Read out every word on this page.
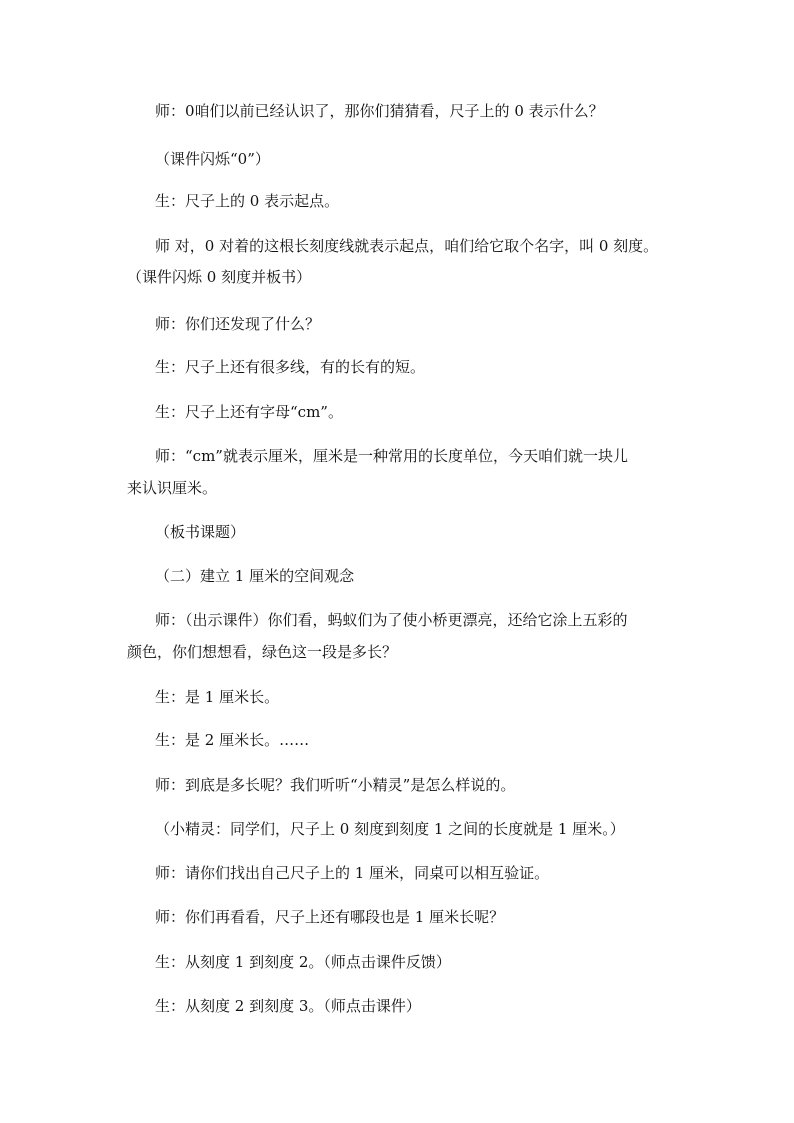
师：0咱们以前已经认识了，那你们猜猜看，尺子上的 0 表示什么？

（课件闪烁“0”）

生：尺子上的 0 表示起点。

师 对，0 对着的这根长刻度线就表示起点，咱们给它取个名字，叫 0 刻度。
（课件闪烁 0 刻度并板书）

师：你们还发现了什么？

生：尺子上还有很多线，有的长有的短。

生：尺子上还有字母“cm”。

师：“cm”就表示厘米，厘米是一种常用的长度单位，今天咱们就一块儿
来认识厘米。

（板书课题）

（二）建立 1 厘米的空间观念

师：（出示课件）你们看，蚂蚁们为了使小桥更漂亮，还给它涂上五彩的
颜色，你们想想看，绿色这一段是多长？

生：是 1 厘米长。

生：是 2 厘米长。……

师：到底是多长呢？我们听听“小精灵”是怎么样说的。

（小精灵：同学们，尺子上 0 刻度到刻度 1 之间的长度就是 1 厘米。）

师：请你们找出自己尺子上的 1 厘米，同桌可以相互验证。

师：你们再看看，尺子上还有哪段也是 1 厘米长呢？

生：从刻度 1 到刻度 2。（师点击课件反馈）

生：从刻度 2 到刻度 3。（师点击课件）
